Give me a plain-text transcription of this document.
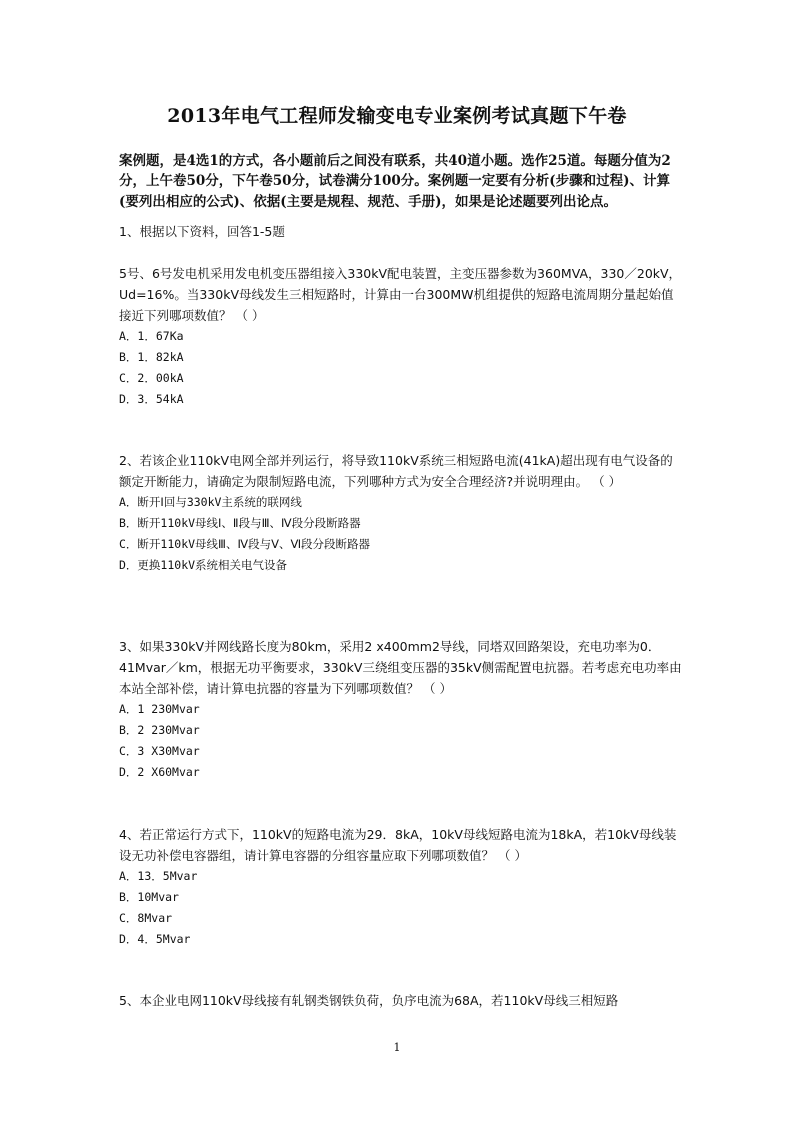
2013年电气工程师发输变电专业案例考试真题下午卷

案例题，是4选1的方式，各小题前后之间没有联系，共40道小题。选作25道。每题分值为2分，上午卷50分，下午卷50分，试卷满分100分。案例题一定要有分析(步骤和过程)、计算(要列出相应的公式)、依据(主要是规程、规范、手册)，如果是论述题要列出论点。

1、根据以下资料，回答1-5题

5号、6号发电机采用发电机变压器组接入330kV配电装置，主变压器参数为360MVA，330／20kV，Ud=16%。当330kV母线发生三相短路时，计算由一台300MW机组提供的短路电流周期分量起始值接近下列哪项数值？ （ ）

A．1．67Ka

B．1．82kA

C．2．00kA

D．3．54kA

2、若该企业110kV电网全部并列运行，将导致110kV系统三相短路电流(41kA)超出现有电气设备的额定开断能力，请确定为限制短路电流，下列哪种方式为安全合理经济?并说明理由。 （ ）

A．断开Ⅰ回与330kV主系统的联网线

B．断开110kV母线Ⅰ、Ⅱ段与Ⅲ、Ⅳ段分段断路器

C．断开110kV母线Ⅲ、Ⅳ段与Ⅴ、Ⅵ段分段断路器

D．更换110kV系统相关电气设备

3、如果330kV并网线路长度为80km，采用2 x400mm2导线，同塔双回路架设，充电功率为0．41Mvar／km，根据无功平衡要求，330kV三绕组变压器的35kV侧需配置电抗器。若考虑充电功率由本站全部补偿，请计算电抗器的容量为下列哪项数值？ （ ）

A．1 230Mvar

B．2 230Mvar

C．3 X30Mvar

D．2 X60Mvar

4、若正常运行方式下，110kV的短路电流为29．8kA，10kV母线短路电流为18kA，若10kV母线装设无功补偿电容器组，请计算电容器的分组容量应取下列哪项数值？ （ ）

A．13．5Mvar

B．10Mvar

C．8Mvar

D．4．5Mvar

5、本企业电网110kV母线接有轧钢类钢铁负荷，负序电流为68A，若110kV母线三相短路

1
